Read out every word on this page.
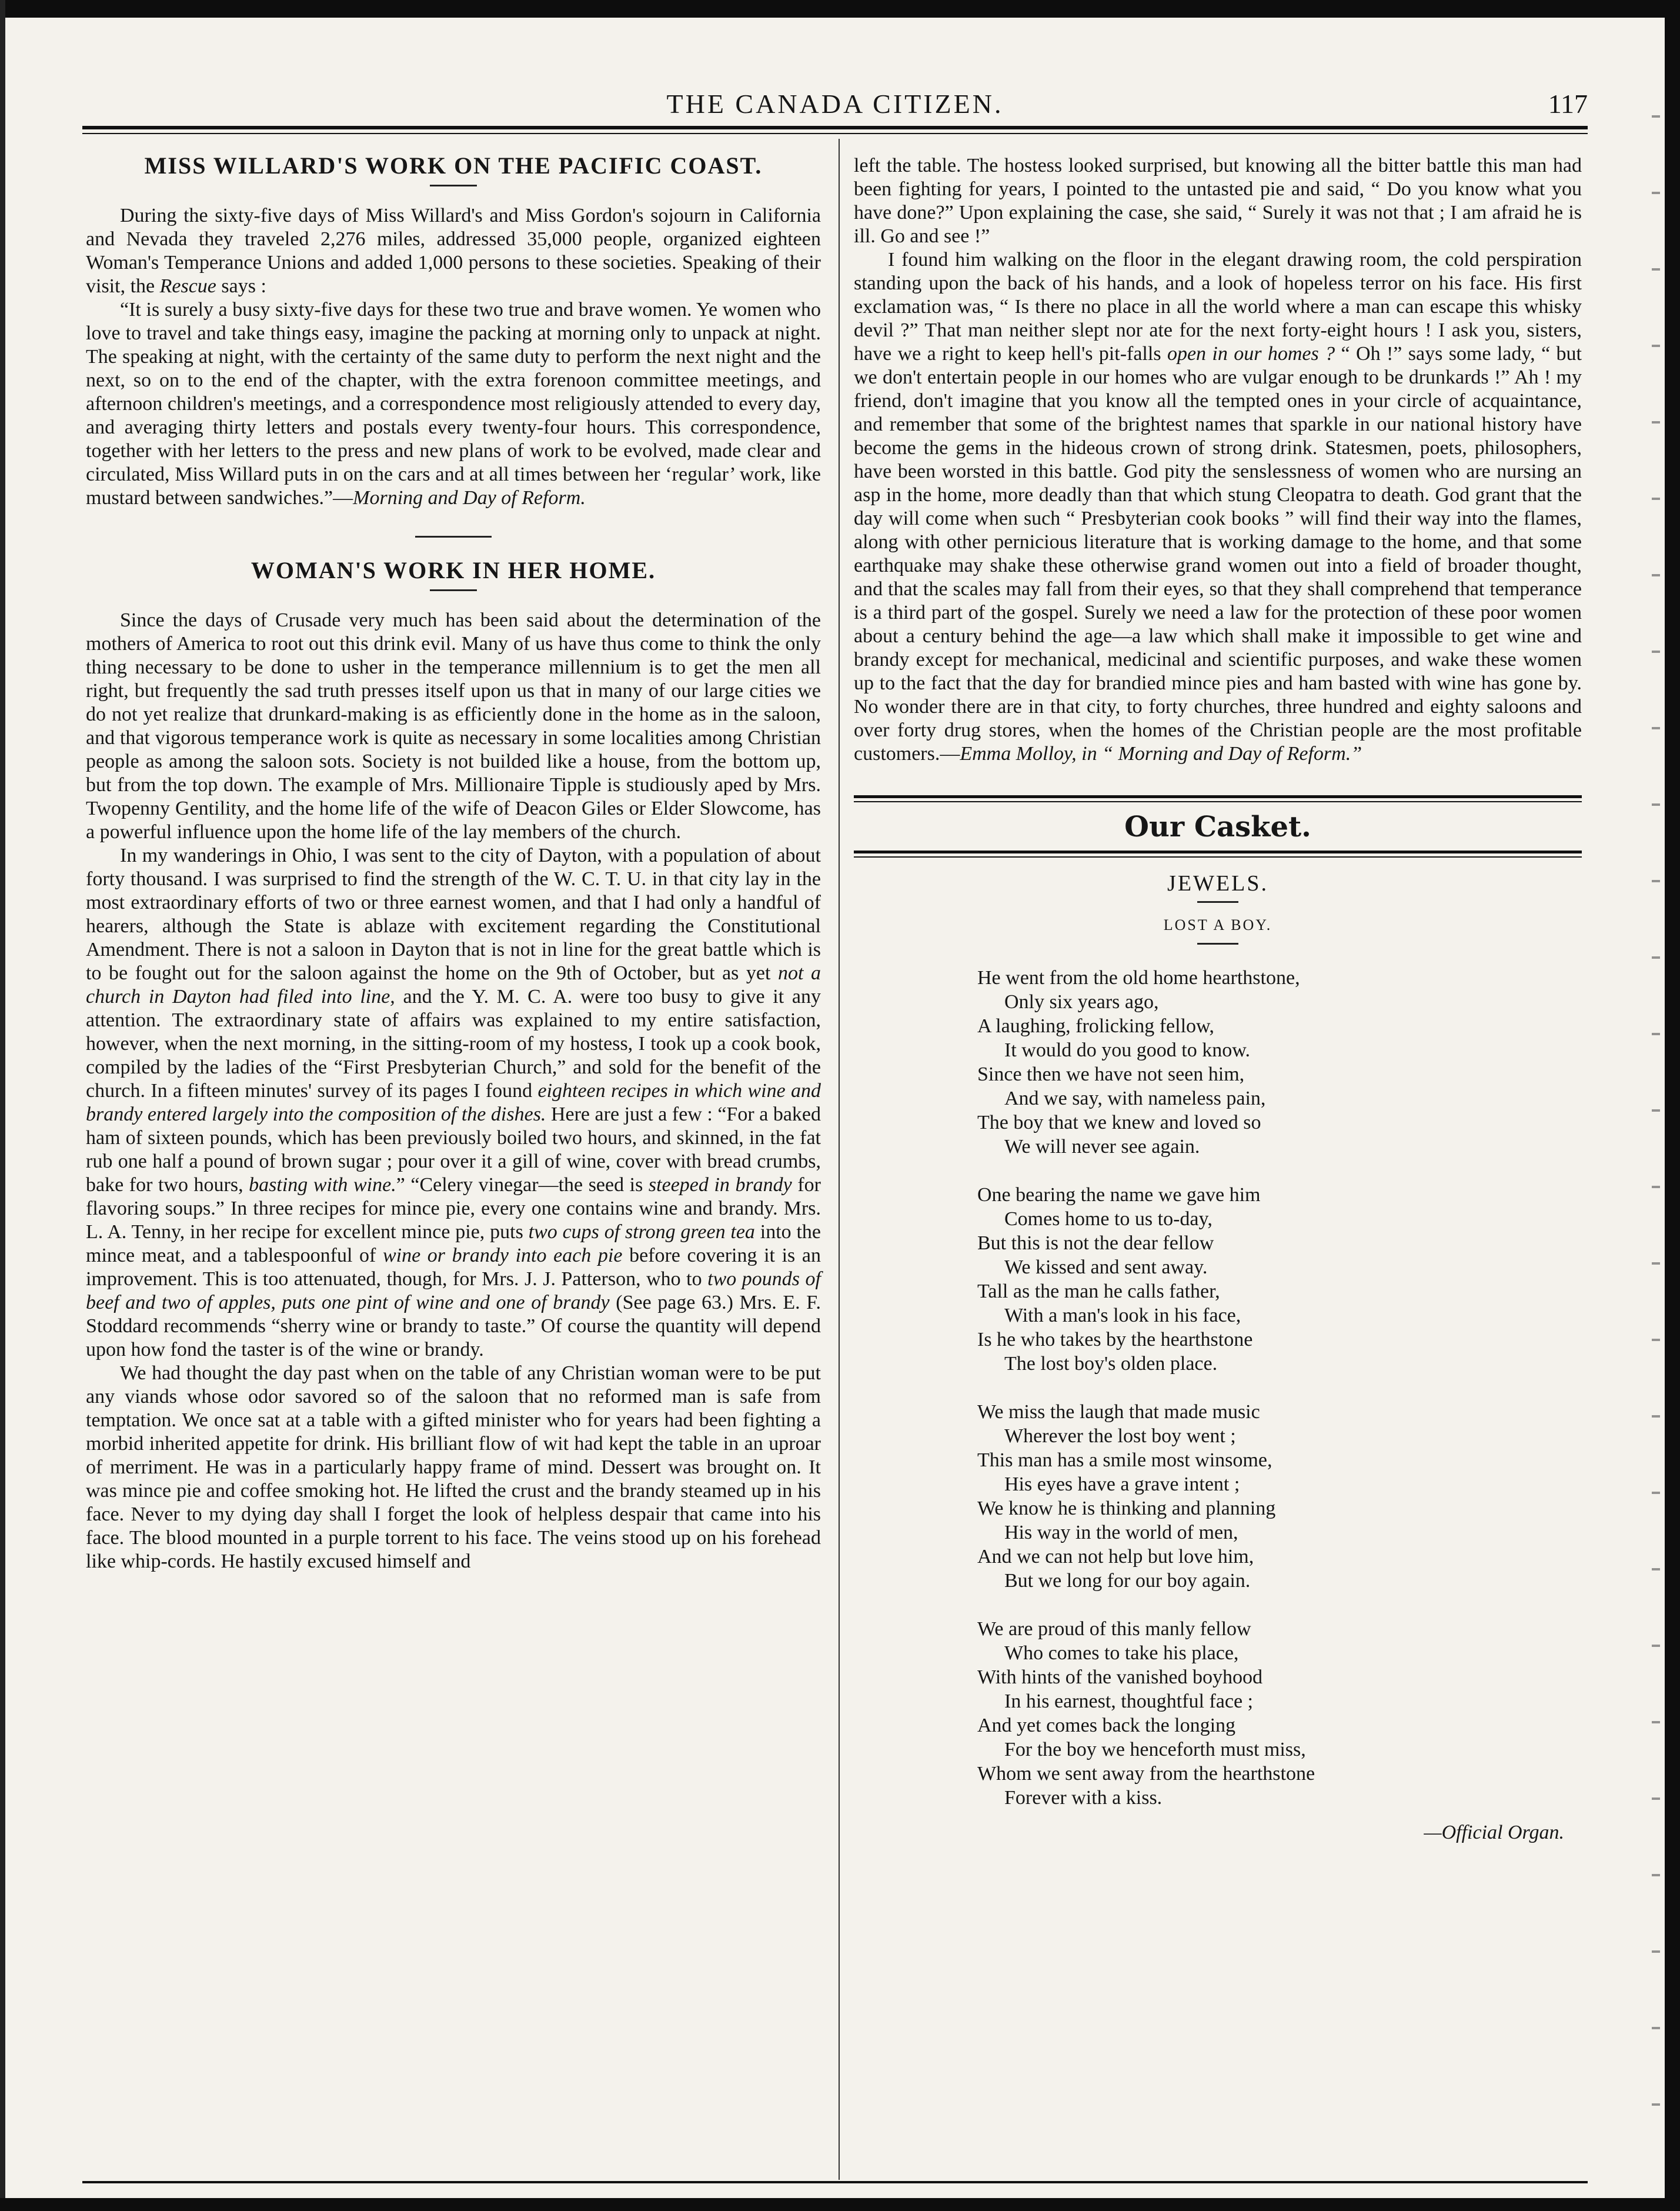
THE CANADA CITIZEN.	117
MISS WILLARD'S WORK ON THE PACIFIC COAST.

During the sixty-five days of Miss Willard's and Miss Gordon's sojourn in California and Nevada they traveled 2,276 miles, addressed 35,000 people, organized eighteen Woman's Temperance Unions and added 1,000 persons to these societies. Speaking of their visit, the Rescue says :

“It is surely a busy sixty-five days for these two true and brave women. Ye women who love to travel and take things easy, imagine the packing at morning only to unpack at night. The speaking at night, with the certainty of the same duty to perform the next night and the next, so on to the end of the chapter, with the extra forenoon committee meetings, and afternoon children's meetings, and a correspondence most religiously attended to every day, and averaging thirty letters and postals every twenty-four hours. This correspondence, together with her letters to the press and new plans of work to be evolved, made clear and circulated, Miss Willard puts in on the cars and at all times between her ‘regular’ work, like mustard between sandwiches.”—Morning and Day of Reform.

WOMAN'S WORK IN HER HOME.

Since the days of Crusade very much has been said about the determination of the mothers of America to root out this drink evil. Many of us have thus come to think the only thing necessary to be done to usher in the temperance millennium is to get the men all right, but frequently the sad truth presses itself upon us that in many of our large cities we do not yet realize that drunkard-making is as efficiently done in the home as in the saloon, and that vigorous temperance work is quite as necessary in some localities among Christian people as among the saloon sots. Society is not builded like a house, from the bottom up, but from the top down. The example of Mrs. Millionaire Tipple is studiously aped by Mrs. Twopenny Gentility, and the home life of the wife of Deacon Giles or Elder Slowcome, has a powerful influence upon the home life of the lay members of the church.

In my wanderings in Ohio, I was sent to the city of Dayton, with a population of about forty thousand. I was surprised to find the strength of the W. C. T. U. in that city lay in the most extraordinary efforts of two or three earnest women, and that I had only a handful of hearers, although the State is ablaze with excitement regarding the Constitutional Amendment. There is not a saloon in Dayton that is not in line for the great battle which is to be fought out for the saloon against the home on the 9th of October, but as yet not a church in Dayton had filed into line, and the Y. M. C. A. were too busy to give it any attention. The extraordinary state of affairs was explained to my entire satisfaction, however, when the next morning, in the sitting-room of my hostess, I took up a cook book, compiled by the ladies of the “First Presbyterian Church,” and sold for the benefit of the church. In a fifteen minutes' survey of its pages I found eighteen recipes in which wine and brandy entered largely into the composition of the dishes. Here are just a few : “For a baked ham of sixteen pounds, which has been previously boiled two hours, and skinned, in the fat rub one half a pound of brown sugar ; pour over it a gill of wine, cover with bread crumbs, bake for two hours, basting with wine.” “Celery vinegar—the seed is steeped in brandy for flavoring soups.” In three recipes for mince pie, every one contains wine and brandy. Mrs. L. A. Tenny, in her recipe for excellent mince pie, puts two cups of strong green tea into the mince meat, and a tablespoonful of wine or brandy into each pie before covering it is an improvement. This is too attenuated, though, for Mrs. J. J. Patterson, who to two pounds of beef and two of apples, puts one pint of wine and one of brandy (See page 63.) Mrs. E. F. Stoddard recommends “sherry wine or brandy to taste.” Of course the quantity will depend upon how fond the taster is of the wine or brandy.

We had thought the day past when on the table of any Christian woman were to be put any viands whose odor savored so of the saloon that no reformed man is safe from temptation. We once sat at a table with a gifted minister who for years had been fighting a morbid inherited appetite for drink. His brilliant flow of wit had kept the table in an uproar of merriment. He was in a particularly happy frame of mind. Dessert was brought on. It was mince pie and coffee smoking hot. He lifted the crust and the brandy steamed up in his face. Never to my dying day shall I forget the look of helpless despair that came into his face. The blood mounted in a purple torrent to his face. The veins stood up on his forehead like whip-cords. He hastily excused himself and

left the table. The hostess looked surprised, but knowing all the bitter battle this man had been fighting for years, I pointed to the untasted pie and said, “ Do you know what you have done?” Upon explaining the case, she said, “ Surely it was not that ; I am afraid he is ill. Go and see !”

I found him walking on the floor in the elegant drawing room, the cold perspiration standing upon the back of his hands, and a look of hopeless terror on his face. His first exclamation was, “ Is there no place in all the world where a man can escape this whisky devil ?” That man neither slept nor ate for the next forty-eight hours ! I ask you, sisters, have we a right to keep hell's pit-falls open in our homes ? “ Oh !” says some lady, “ but we don't entertain people in our homes who are vulgar enough to be drunkards !” Ah ! my friend, don't imagine that you know all the tempted ones in your circle of acquaintance, and remember that some of the brightest names that sparkle in our national history have become the gems in the hideous crown of strong drink. Statesmen, poets, philosophers, have been worsted in this battle. God pity the senslessness of women who are nursing an asp in the home, more deadly than that which stung Cleopatra to death. God grant that the day will come when such “ Presbyterian cook books ” will find their way into the flames, along with other pernicious literature that is working damage to the home, and that some earthquake may shake these otherwise grand women out into a field of broader thought, and that the scales may fall from their eyes, so that they shall comprehend that temperance is a third part of the gospel. Surely we need a law for the protection of these poor women about a century behind the age—a law which shall make it impossible to get wine and brandy except for mechanical, medicinal and scientific purposes, and wake these women up to the fact that the day for brandied mince pies and ham basted with wine has gone by. No wonder there are in that city, to forty churches, three hundred and eighty saloons and over forty drug stores, when the homes of the Christian people are the most profitable customers.—Emma Molloy, in “ Morning and Day of Reform.”

Our Casket.
JEWELS.
LOST A BOY.
He went from the old home hearthstone,
Only six years ago,
A laughing, frolicking fellow,
It would do you good to know.
Since then we have not seen him,
And we say, with nameless pain,
The boy that we knew and loved so
We will never see again.
One bearing the name we gave him
Comes home to us to-day,
But this is not the dear fellow
We kissed and sent away.
Tall as the man he calls father,
With a man's look in his face,
Is he who takes by the hearthstone
The lost boy's olden place.
We miss the laugh that made music
Wherever the lost boy went ;
This man has a smile most winsome,
His eyes have a grave intent ;
We know he is thinking and planning
His way in the world of men,
And we can not help but love him,
But we long for our boy again.
We are proud of this manly fellow
Who comes to take his place,
With hints of the vanished boyhood
In his earnest, thoughtful face ;
And yet comes back the longing
For the boy we henceforth must miss,
Whom we sent away from the hearthstone
Forever with a kiss.
—Official Organ.
